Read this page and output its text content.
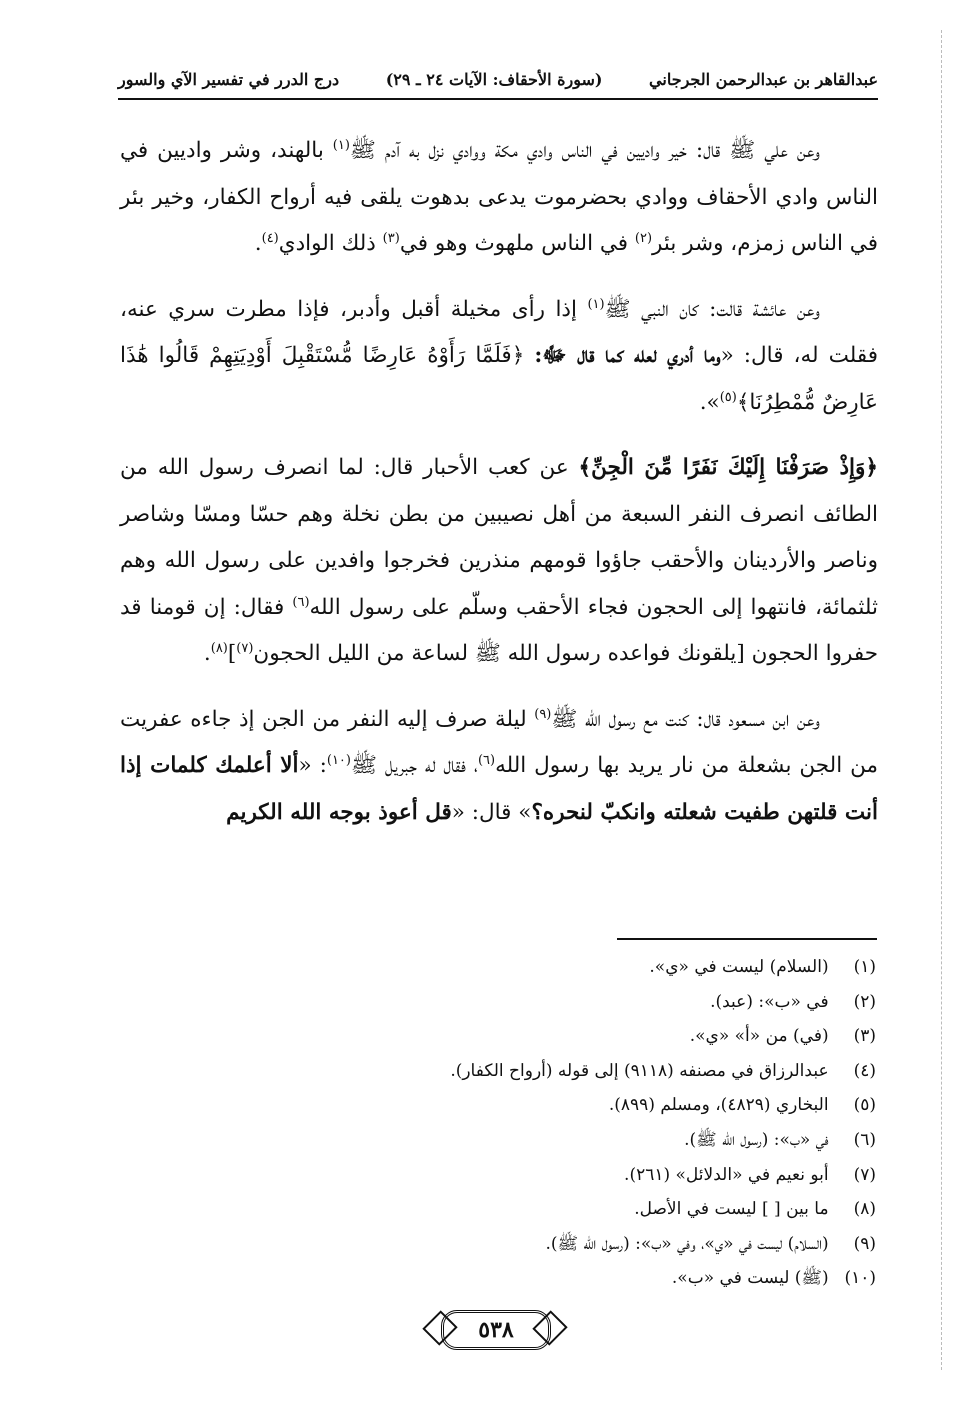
عبدالقاهر بن عبدالرحمن الجرجاني
(سورة الأحقاف: الآيات ٢٤ ـ ٢٩)
درج الدرر في تفسير الآي والسور

وعن علي ﷺ قال: خير واديين في الناس وادي مكة ووادي نزل به آدم ﷺ$^{(١)}$ بالهند، وشر واديين في الناس وادي الأحقاف ووادي بحضرموت يدعى بدهوت يلقى فيه أرواح الكفار، وخير بئر في الناس زمزم، وشر بئر$^{(٢)}$ في الناس ملهوث وهو في$^{(٣)}$ ذلك الوادي$^{(٤)}$.

وعن عائشة قالت: كان النبي ﷺ$^{(١)}$ إذا رأى مخيلة أقبل وأدبر، فإذا مطرت سري عنه، فقلت له، قال: «وما أدري لعله كما قال ﷻ: ﴿فَلَمَّا رَأَوْهُ عَارِضًا مُّسْتَقْبِلَ أَوْدِيَتِهِمْ قَالُوا هَٰذَا عَارِضٌ مُّمْطِرُنَا﴾$^{(٥)}$».

﴿وَإِذْ صَرَفْنَا إِلَيْكَ نَفَرًا مِّنَ الْجِنِّ﴾ عن كعب الأحبار قال: لما انصرف رسول الله من الطائف انصرف النفر السبعة من أهل نصيبين من بطن نخلة وهم حسّا ومسّا وشاصر وناصر والأردينان والأحقب جاؤوا قومهم منذرين فخرجوا وافدين على رسول الله وهم ثلثمائة، فانتهوا إلى الحجون فجاء الأحقب وسلّم على رسول الله$^{(٦)}$ فقال: إن قومنا قد حفروا الحجون [يلقونك فواعده رسول الله ﷺ لساعة من الليل الحجون$^{(٧)}$]$^{(٨)}$.

وعن ابن مسعود قال: كنت مع رسول الله ﷺ$^{(٩)}$ ليلة صرف إليه النفر من الجن إذ جاءه عفريت من الجن بشعلة من نار يريد بها رسول الله$^{(٦)}$، فقال له جبريل ﷺ$^{(١٠)}$: «ألا أعلمك كلمات إذا أنت قلتهن طفيت شعلته وانكبّ لنحره؟» قال: «قل أعوذ بوجه الله الكريم

(١) (السلام) ليست في «ي».
(٢) في «ب»: (عبد).
(٣) (في) من «أ» «ي».
(٤) عبدالرزاق في مصنفه (٩١١٨) إلى قوله (أرواح الكفار).
(٥) البخاري (٤٨٢٩)، ومسلم (٨٩٩).
(٦) في «ب»: (رسول الله ﷺ).
(٧) أبو نعيم في «الدلائل» (٢٦١).
(٨) ما بين [ ] ليست في الأصل.
(٩) (السلام) ليست في «ي»، وفي «ب»: (رسول الله ﷺ).
(١٠) (ﷺ) ليست في «ب».
٥٣٨
